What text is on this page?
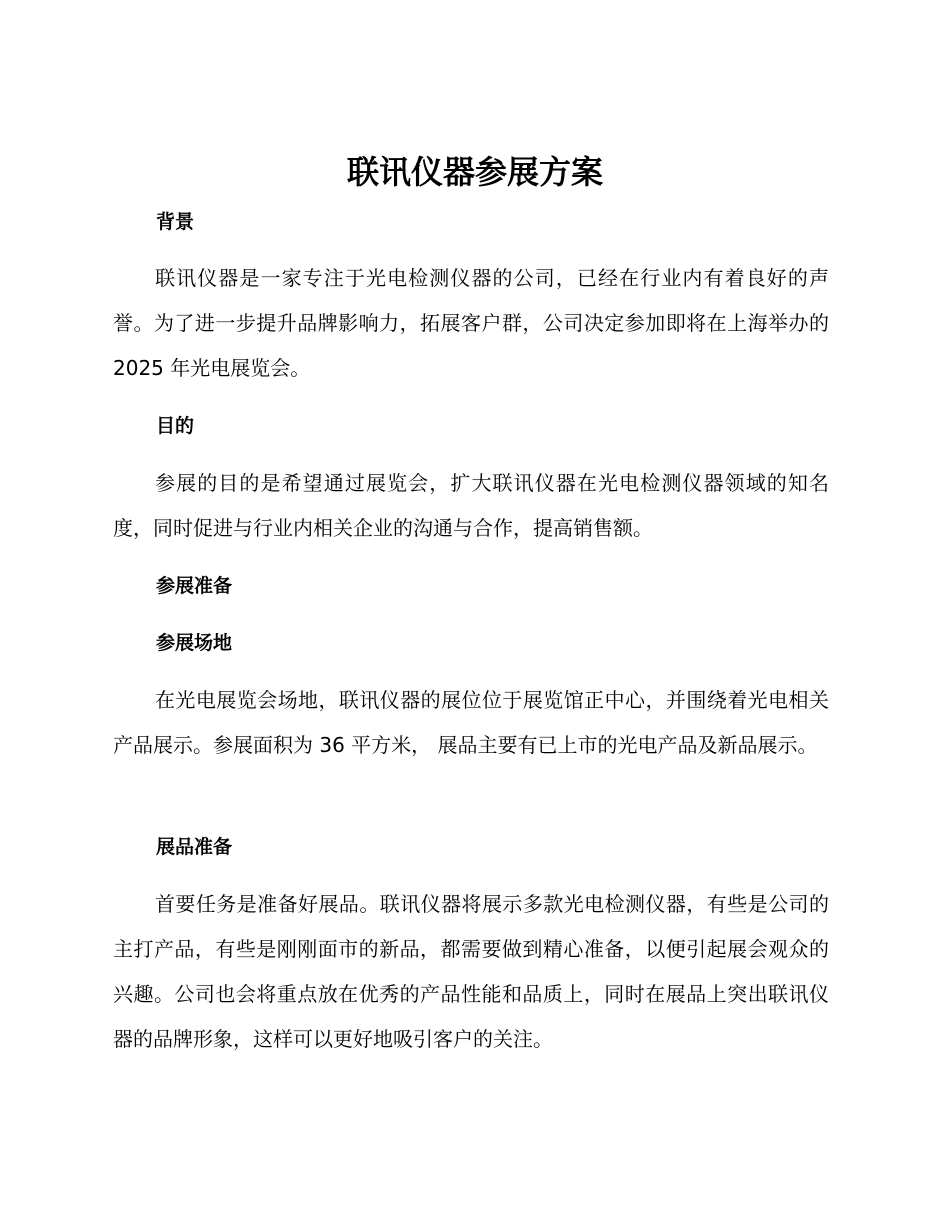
联讯仪器参展方案
背景

联讯仪器是一家专注于光电检测仪器的公司，已经在行业内有着良好的声誉。为了进一步提升品牌影响力，拓展客户群，公司决定参加即将在上海举办的 2025 年光电展览会。

目的

参展的目的是希望通过展览会，扩大联讯仪器在光电检测仪器领域的知名度，同时促进与行业内相关企业的沟通与合作，提高销售额。

参展准备
参展场地

在光电展览会场地，联讯仪器的展位位于展览馆正中心，并围绕着光电相关产品展示。参展面积为 36 平方米， 展品主要有已上市的光电产品及新品展示。

展品准备

首要任务是准备好展品。联讯仪器将展示多款光电检测仪器，有些是公司的主打产品，有些是刚刚面市的新品，都需要做到精心准备，以便引起展会观众的兴趣。公司也会将重点放在优秀的产品性能和品质上，同时在展品上突出联讯仪器的品牌形象，这样可以更好地吸引客户的关注。
